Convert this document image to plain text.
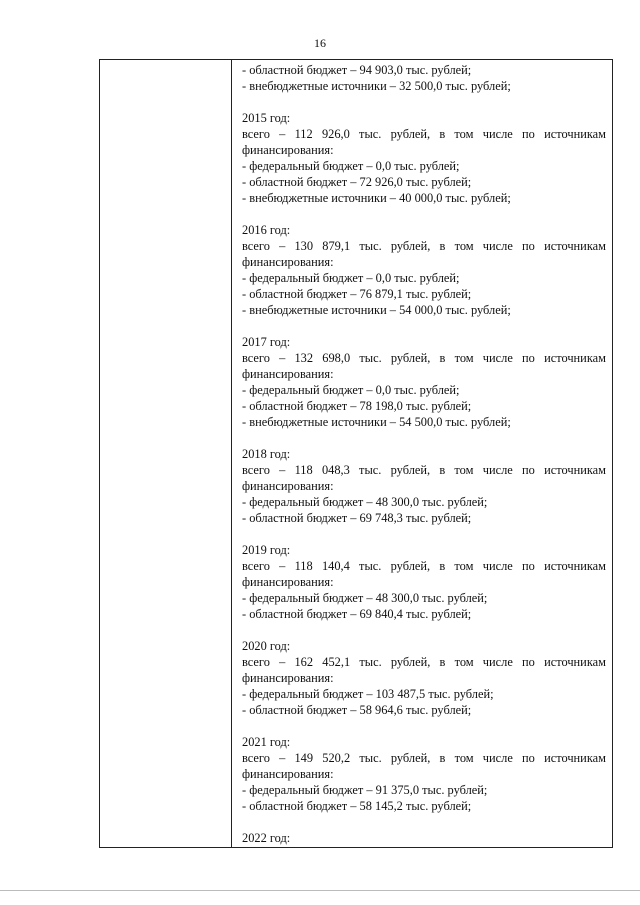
16
- областной бюджет – 94 903,0 тыс. рублей;
- внебюджетные источники – 32 500,0 тыс. рублей;
2015 год:
всего – 112 926,0 тыс. рублей, в том числе по источникам
финансирования:
- федеральный бюджет – 0,0 тыс. рублей;
- областной бюджет – 72 926,0 тыс. рублей;
- внебюджетные источники – 40 000,0 тыс. рублей;
2016 год:
всего – 130 879,1 тыс. рублей, в том числе по источникам
финансирования:
- федеральный бюджет – 0,0 тыс. рублей;
- областной бюджет – 76 879,1 тыс. рублей;
- внебюджетные источники – 54 000,0 тыс. рублей;
2017 год:
всего – 132 698,0 тыс. рублей, в том числе по источникам
финансирования:
- федеральный бюджет – 0,0 тыс. рублей;
- областной бюджет – 78 198,0 тыс. рублей;
- внебюджетные источники – 54 500,0 тыс. рублей;
2018 год:
всего – 118 048,3 тыс. рублей, в том числе по источникам
финансирования:
- федеральный бюджет – 48 300,0 тыс. рублей;
- областной бюджет – 69 748,3 тыс. рублей;
2019 год:
всего – 118 140,4 тыс. рублей, в том числе по источникам
финансирования:
- федеральный бюджет – 48 300,0 тыс. рублей;
- областной бюджет – 69 840,4 тыс. рублей;
2020 год:
всего – 162 452,1 тыс. рублей, в том числе по источникам
финансирования:
- федеральный бюджет – 103 487,5 тыс. рублей;
- областной бюджет – 58 964,6 тыс. рублей;
2021 год:
всего – 149 520,2 тыс. рублей, в том числе по источникам
финансирования:
- федеральный бюджет – 91 375,0 тыс. рублей;
- областной бюджет – 58 145,2 тыс. рублей;
2022 год:
